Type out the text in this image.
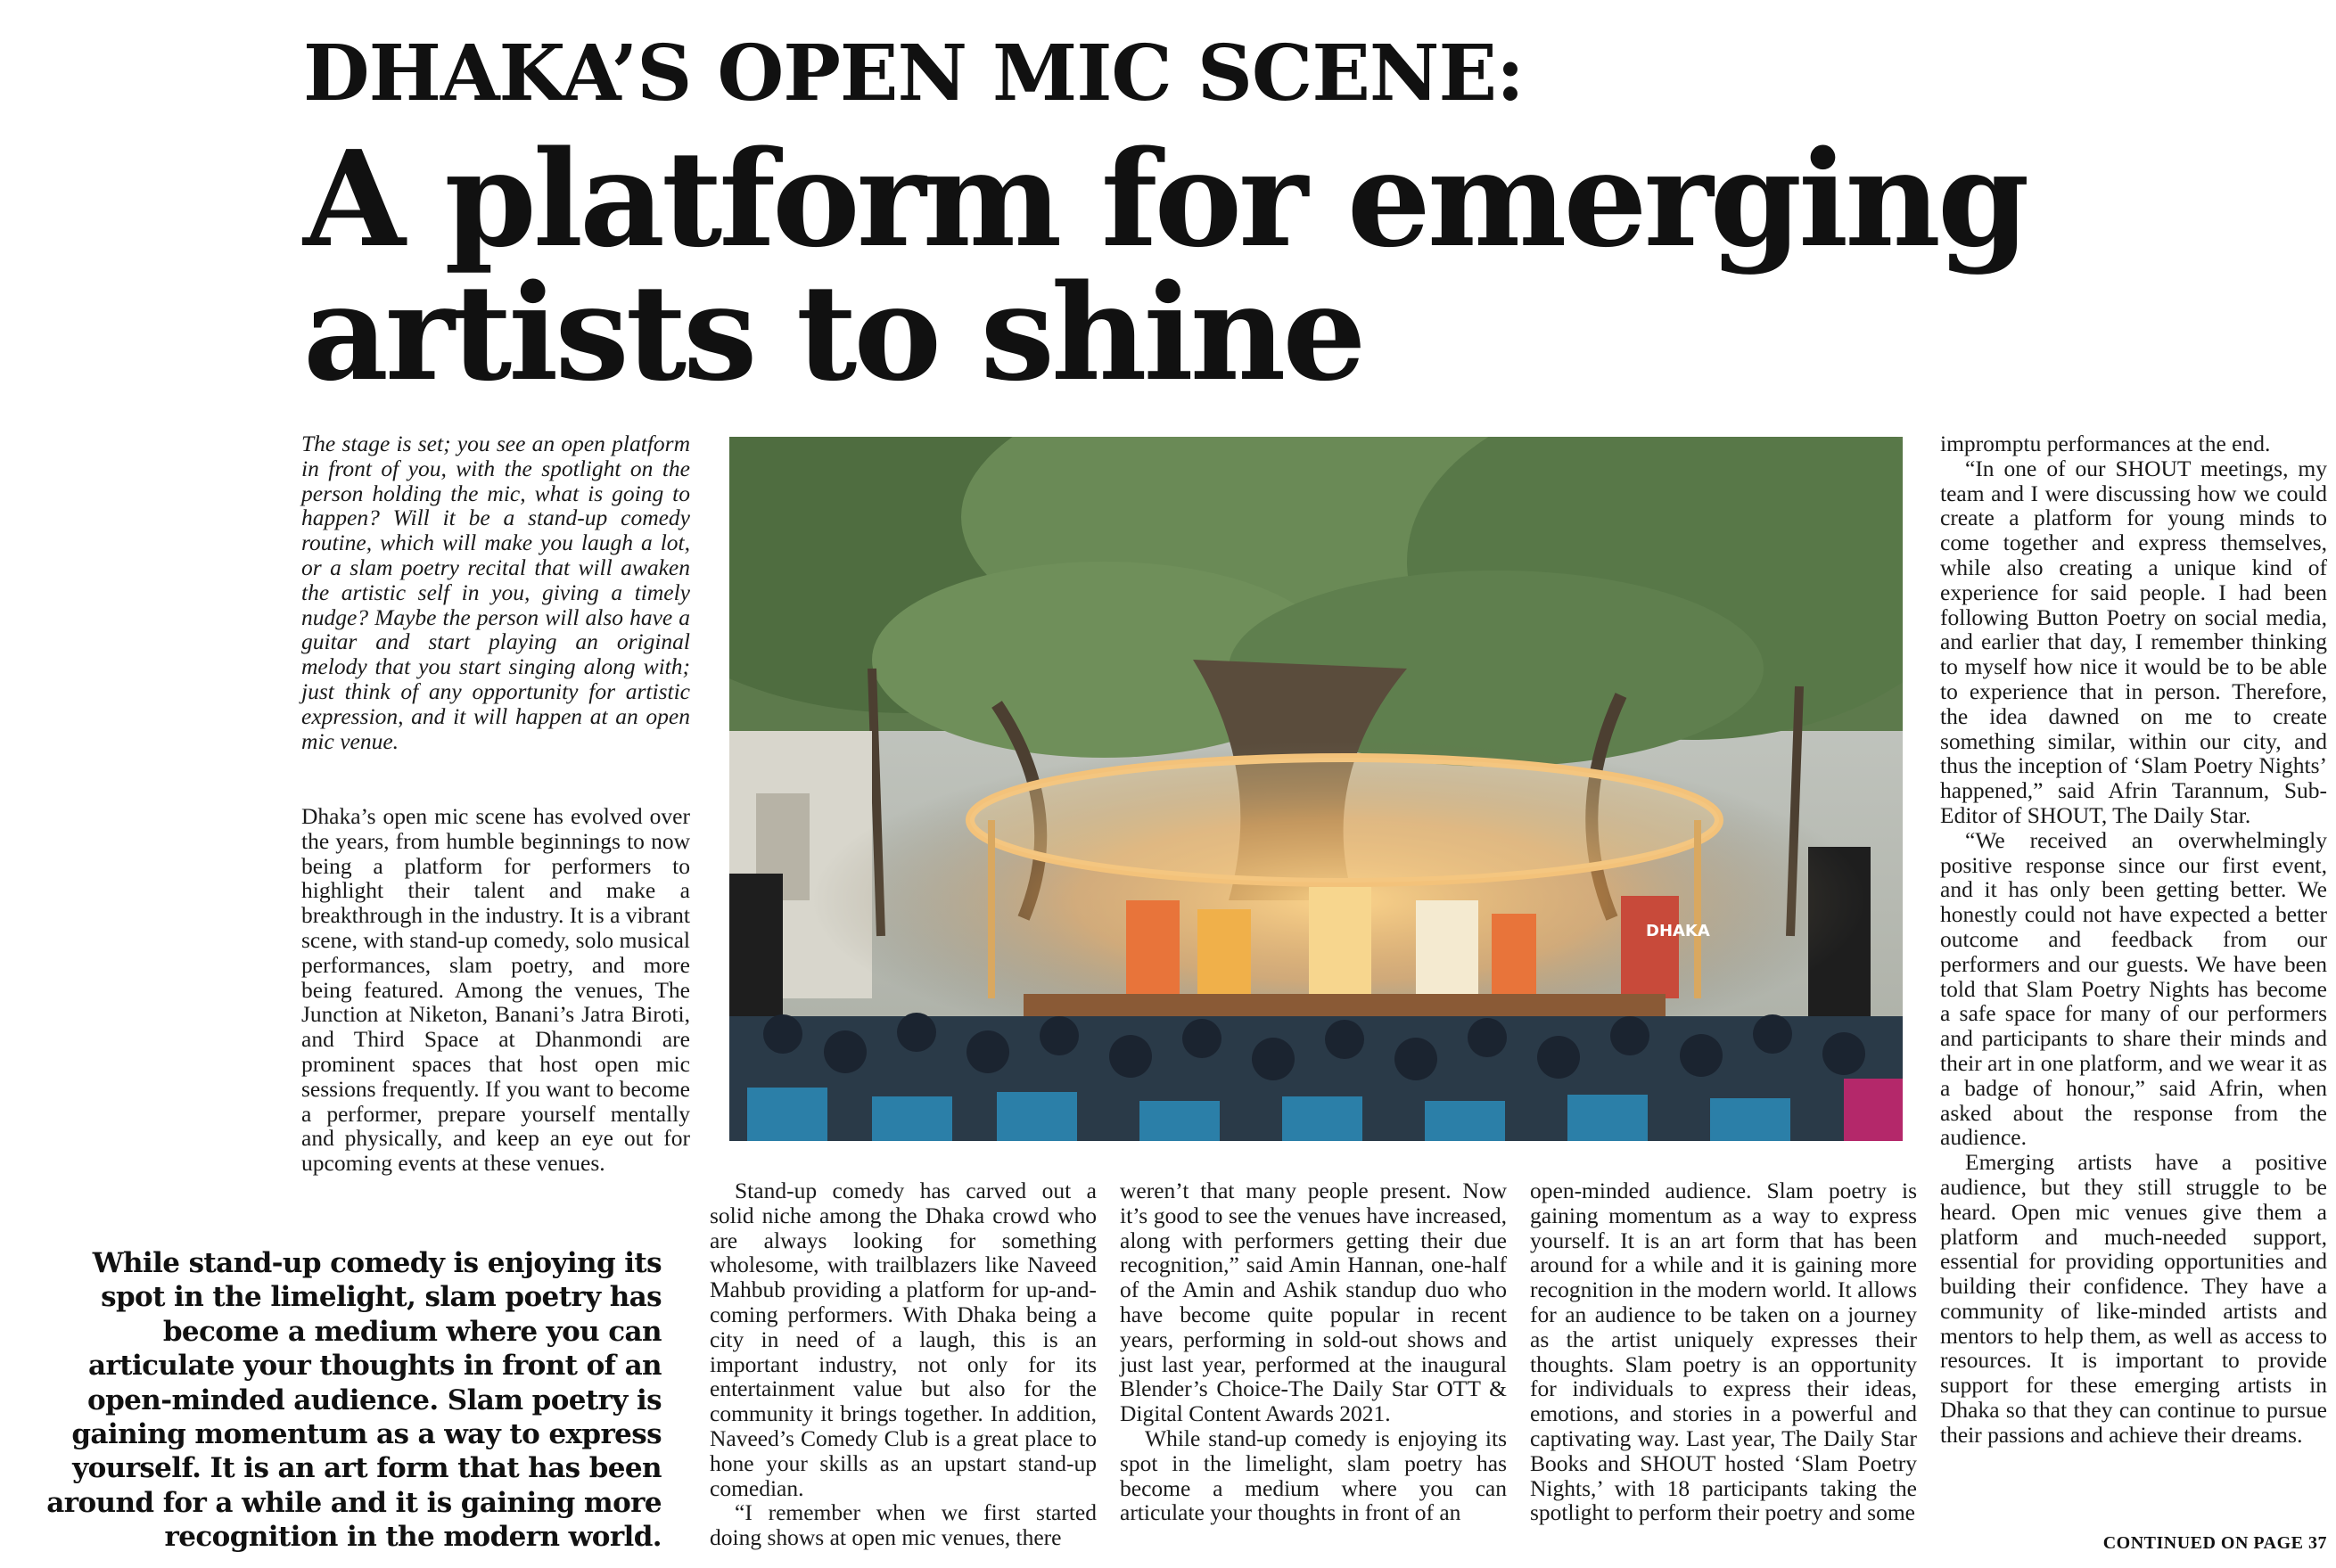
DHAKA’S OPEN MIC SCENE:
A platform for emerging artists to shine
The stage is set; you see an open platform in front of you, with the spotlight on the person holding the mic, what is going to happen? Will it be a stand-up comedy routine, which will make you laugh a lot, or a slam poetry recital that will awaken the artistic self in you, giving a timely nudge? Maybe the person will also have a guitar and start playing an original melody that you start singing along with; just think of any opportunity for artistic expression, and it will happen at an open mic venue.
Dhaka’s open mic scene has evolved over the years, from humble beginnings to now being a platform for performers to highlight their talent and make a breakthrough in the industry. It is a vibrant scene, with stand-up comedy, solo musical performances, slam poetry, and more being featured. Among the venues, The Junction at Niketon, Banani’s Jatra Biroti, and Third Space at Dhanmondi are prominent spaces that host open mic sessions frequently. If you want to become a performer, prepare yourself mentally and physically, and keep an eye out for upcoming events at these venues.
While stand-up comedy is enjoying its spot in the limelight, slam poetry has become a medium where you can articulate your thoughts in front of an open-minded audience. Slam poetry is gaining momentum as a way to express yourself. It is an art form that has been around for a while and it is gaining more recognition in the modern world.
DHAKA

Stand-up comedy has carved out a solid niche among the Dhaka crowd who are always looking for something wholesome, with trailblazers like Naveed Mahbub providing a platform for up-and-coming performers. With Dhaka being a city in need of a laugh, this is an important industry, not only for its entertainment value but also for the community it brings together. In addition, Naveed’s Comedy Club is a great place to hone your skills as an upstart stand-up comedian.

“I remember when we first started doing shows at open mic venues, there

weren’t that many people present. Now it’s good to see the venues have increased, along with performers getting their due recognition,” said Amin Hannan, one-half of the Amin and Ashik standup duo who have become quite popular in recent years, performing in sold-out shows and just last year, performed at the inaugural Blender’s Choice-The Daily Star OTT & Digital Content Awards 2021.

While stand-up comedy is enjoying its spot in the limelight, slam poetry has become a medium where you can articulate your thoughts in front of an

open-minded audience. Slam poetry is gaining momentum as a way to express yourself. It is an art form that has been around for a while and it is gaining more recognition in the modern world. It allows for an audience to be taken on a journey as the artist uniquely expresses their thoughts. Slam poetry is an opportunity for individuals to express their ideas, emotions, and stories in a powerful and captivating way. Last year, The Daily Star Books and SHOUT hosted ‘Slam Poetry Nights,’ with 18 participants taking the spotlight to perform their poetry and some

impromptu performances at the end.

“In one of our SHOUT meetings, my team and I were discussing how we could create a platform for young minds to come together and express themselves, while also creating a unique kind of experience for said people. I had been following Button Poetry on social media, and earlier that day, I remember thinking to myself how nice it would be to be able to experience that in person. Therefore, the idea dawned on me to create something similar, within our city, and thus the inception of ‘Slam Poetry Nights’ happened,” said Afrin Tarannum, Sub-Editor of SHOUT, The Daily Star.

“We received an overwhelmingly positive response since our first event, and it has only been getting better. We honestly could not have expected a better outcome and feedback from our performers and our guests. We have been told that Slam Poetry Nights has become a safe space for many of our performers and participants to share their minds and their art in one platform, and we wear it as a badge of honour,” said Afrin, when asked about the response from the audience.

Emerging artists have a positive audience, but they still struggle to be heard. Open mic venues give them a platform and much-needed support, essential for providing opportunities and building their confidence. They have a community of like-minded artists and mentors to help them, as well as access to resources. It is important to provide support for these emerging artists in Dhaka so that they can continue to pursue their passions and achieve their dreams.

CONTINUED ON PAGE 37
